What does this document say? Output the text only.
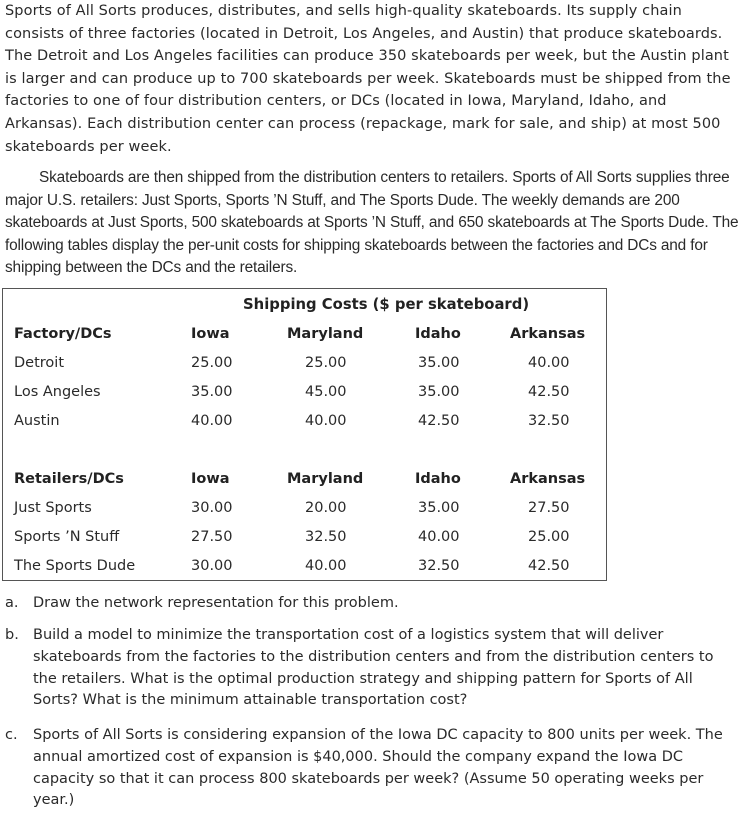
Sports of All Sorts produces, distributes, and sells high-quality skateboards. Its supply chain consists of three factories (located in Detroit, Los Angeles, and Austin) that produce skateboards. The Detroit and Los Angeles facilities can produce 350 skateboards per week, but the Austin plant is larger and can produce up to 700 skateboards per week. Skateboards must be shipped from the factories to one of four distribution centers, or DCs (located in Iowa, Maryland, Idaho, and Arkansas). Each distribution center can process (repackage, mark for sale, and ship) at most 500 skateboards per week.
Skateboards are then shipped from the distribution centers to retailers. Sports of All Sorts supplies three major U.S. retailers: Just Sports, Sports ’N Stuff, and The Sports Dude. The weekly demands are 200 skateboards at Just Sports, 500 skateboards at Sports ’N Stuff, and 650 skateboards at The Sports Dude. The following tables display the per-unit costs for shipping skateboards between the factories and DCs and for shipping between the DCs and the retailers.
Shipping Costs ($ per skateboard)
Factory/DCs	Iowa	Maryland	Idaho	Arkansas
Detroit	25.00	25.00	35.00	40.00
Los Angeles	35.00	45.00	35.00	42.50
Austin	40.00	40.00	42.50	32.50
Retailers/DCs	Iowa	Maryland	Idaho	Arkansas
Just Sports	30.00	20.00	35.00	27.50
Sports ’N Stuff	27.50	32.50	40.00	25.00
The Sports Dude	30.00	40.00	32.50	42.50
a. Draw the network representation for this problem.
b. Build a model to minimize the transportation cost of a logistics system that will deliver skateboards from the factories to the distribution centers and from the distribution centers to the retailers. What is the optimal production strategy and shipping pattern for Sports of All Sorts? What is the minimum attainable transportation cost?
c. Sports of All Sorts is considering expansion of the Iowa DC capacity to 800 units per week. The annual amortized cost of expansion is $40,000. Should the company expand the Iowa DC capacity so that it can process 800 skateboards per week? (Assume 50 operating weeks per year.)
